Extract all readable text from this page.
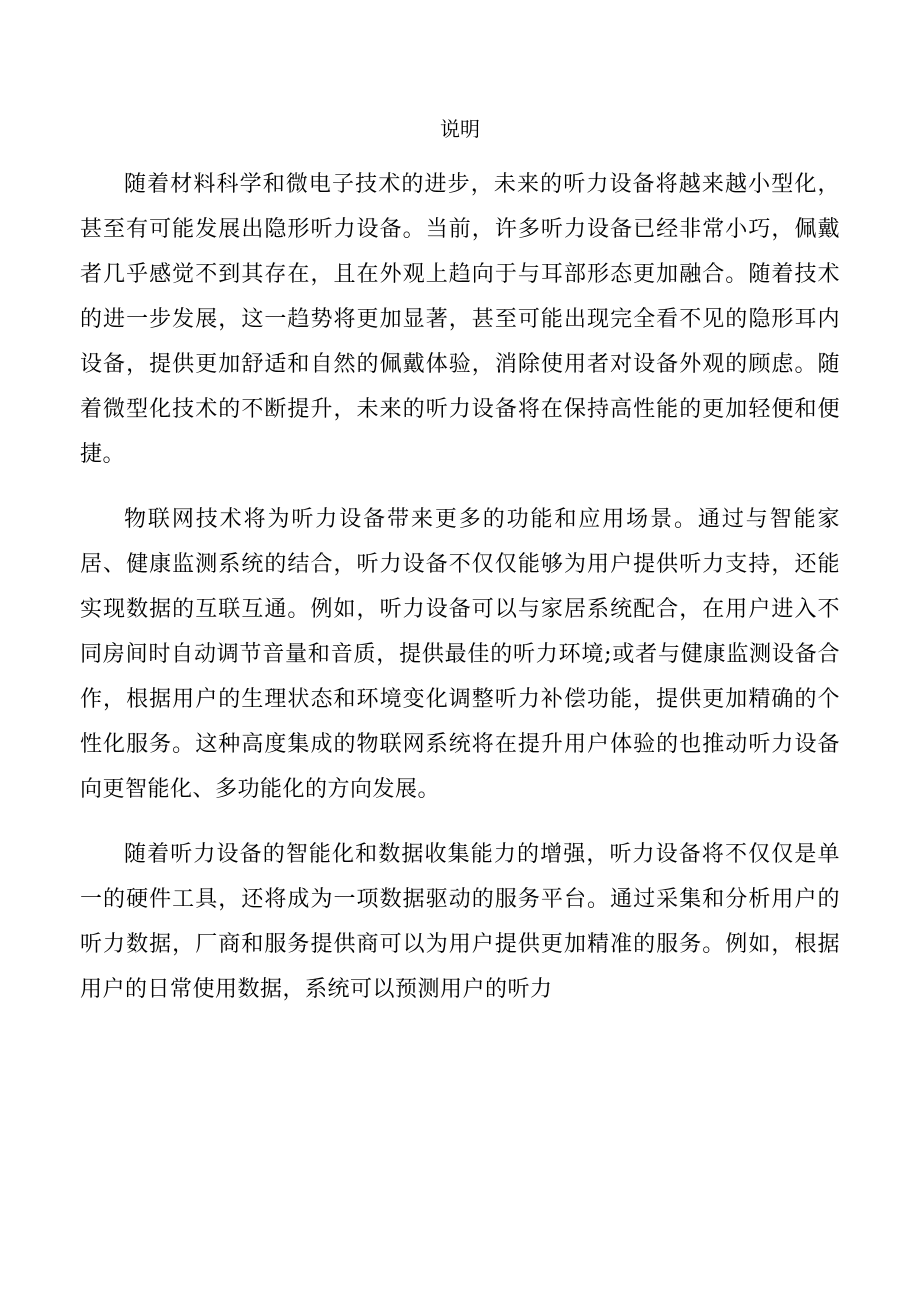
说明

随着材料科学和微电子技术的进步，未来的听力设备将越来越小型化，甚至有可能发展出隐形听力设备。当前，许多听力设备已经非常小巧，佩戴者几乎感觉不到其存在，且在外观上趋向于与耳部形态更加融合。随着技术的进一步发展，这一趋势将更加显著，甚至可能出现完全看不见的隐形耳内设备，提供更加舒适和自然的佩戴体验，消除使用者对设备外观的顾虑。随着微型化技术的不断提升，未来的听力设备将在保持高性能的更加轻便和便捷。

物联网技术将为听力设备带来更多的功能和应用场景。通过与智能家居、健康监测系统的结合，听力设备不仅仅能够为用户提供听力支持，还能实现数据的互联互通。例如，听力设备可以与家居系统配合，在用户进入不同房间时自动调节音量和音质，提供最佳的听力环境;或者与健康监测设备合作，根据用户的生理状态和环境变化调整听力补偿功能，提供更加精确的个性化服务。这种高度集成的物联网系统将在提升用户体验的也推动听力设备向更智能化、多功能化的方向发展。

随着听力设备的智能化和数据收集能力的增强，听力设备将不仅仅是单一的硬件工具，还将成为一项数据驱动的服务平台。通过采集和分析用户的听力数据，厂商和服务提供商可以为用户提供更加精准的服务。例如，根据用户的日常使用数据，系统可以预测用户的听力
